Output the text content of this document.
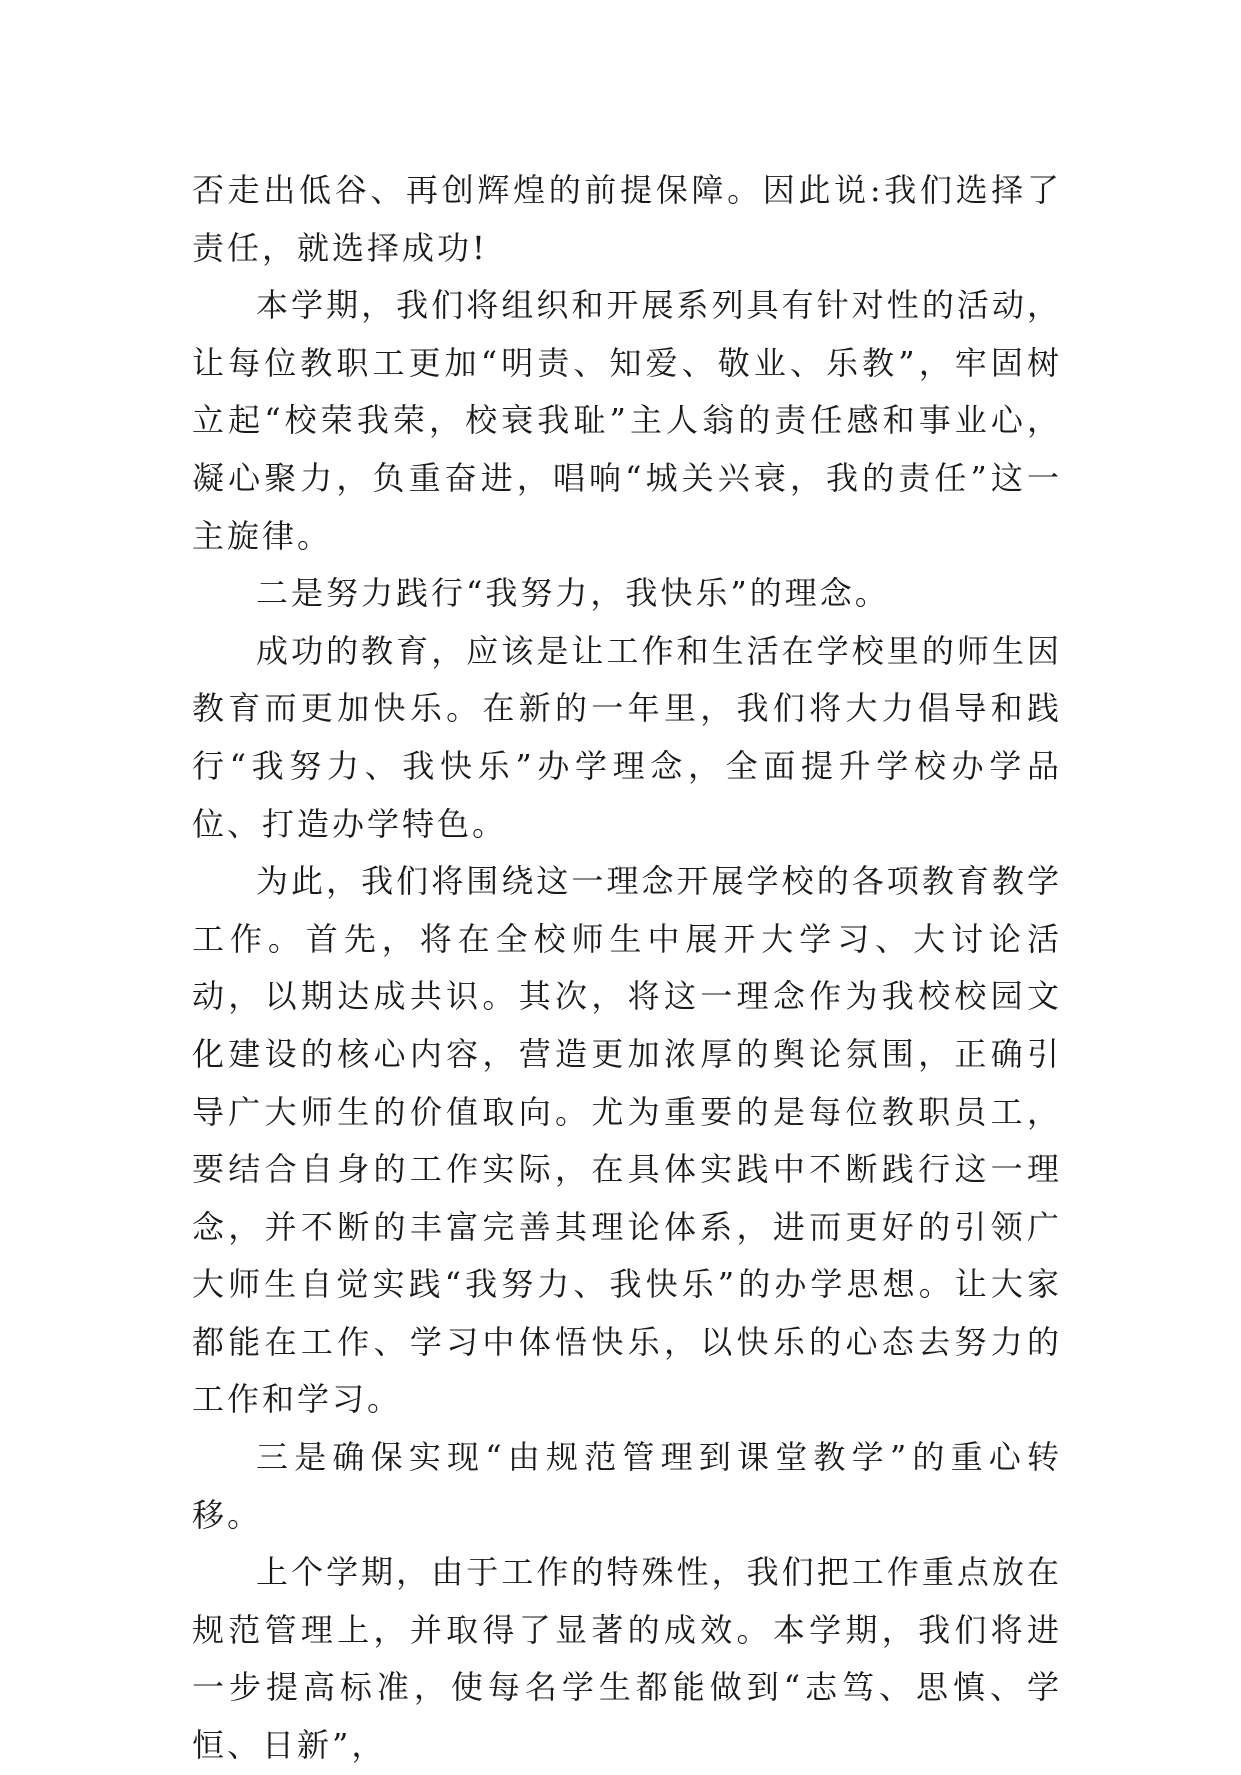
否走出低谷、再创辉煌的前提保障。因此说:我们选择了责任，就选择成功!

本学期，我们将组织和开展系列具有针对性的活动，让每位教职工更加“明责、知爱、敬业、乐教”，牢固树立起“校荣我荣，校衰我耻”主人翁的责任感和事业心，凝心聚力，负重奋进，唱响“城关兴衰，我的责任”这一主旋律。

二是努力践行“我努力，我快乐”的理念。

成功的教育，应该是让工作和生活在学校里的师生因教育而更加快乐。在新的一年里，我们将大力倡导和践行“我努力、我快乐”办学理念，全面提升学校办学品位、打造办学特色。

为此，我们将围绕这一理念开展学校的各项教育教学工作。首先，将在全校师生中展开大学习、大讨论活动，以期达成共识。其次，将这一理念作为我校校园文化建设的核心内容，营造更加浓厚的舆论氛围，正确引导广大师生的价值取向。尤为重要的是每位教职员工，要结合自身的工作实际，在具体实践中不断践行这一理念，并不断的丰富完善其理论体系，进而更好的引领广大师生自觉实践“我努力、我快乐”的办学思想。让大家都能在工作、学习中体悟快乐，以快乐的心态去努力的工作和学习。

三是确保实现“由规范管理到课堂教学”的重心转移。

上个学期，由于工作的特殊性，我们把工作重点放在规范管理上，并取得了显著的成效。本学期，我们将进一步提高标准，使每名学生都能做到“志笃、思慎、学恒、日新”，
